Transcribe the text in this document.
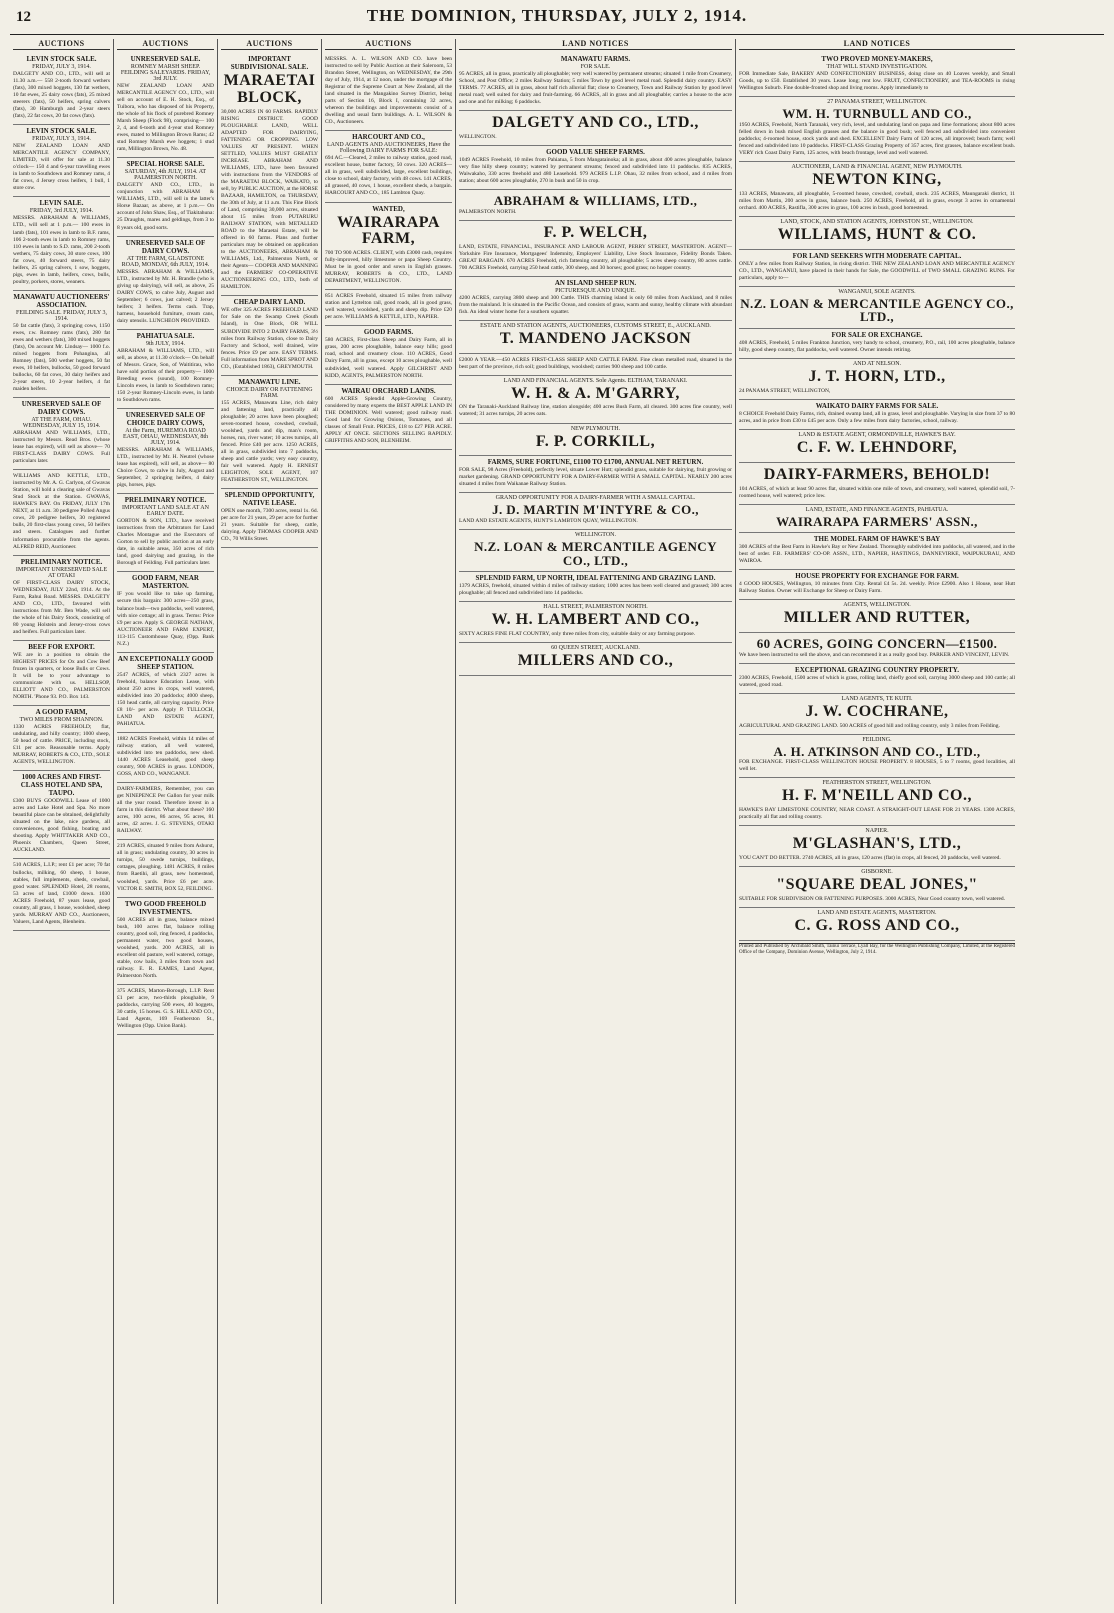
12	THE DOMINION, THURSDAY, JULY 2, 1914.
AUCTIONS
LEVIN STOCK SALE.
FRIDAY, JULY 3, 1914.
DALGETY AND CO., LTD., will sell at 11.30 a.m.— 558 2-tooth forward wethers (fats), 300 mixed hoggets, 130 fat wethers, 10 fat ewes, 25 dairy cows (fats), 25 mixed steerers (fats), 50 heifers, spring calvers (fats), 30 Hamburgh and 2-year steers (fats), 22 fat cows, 20 fat cows (fats).
LEVIN STOCK SALE.
FRIDAY, JULY 3, 1914.
NEW ZEALAND LOAN AND MERCANTILE AGENCY COMPANY, LIMITED, will offer for sale at 11.30 o'clock— 150 4 and 6-year travelling ewes in lamb to Southdown and Romney rams, 4 fat cows, 4 Jersey cross heifers, 1 bull, 1 store cow.
LEVIN SALE.
FRIDAY, 3rd JULY, 1914.
MESSRS. ABRAHAM & WILLIAMS, LTD., will sell at 1 p.m.— 100 ewes in lamb (fats), 101 ewes in lamb to B.F. rams, 106 2-tooth ewes in lamb to Romney rams, 110 ewes in lamb to S.D. rams, 200 2-tooth wethers, 75 dairy cows, 30 store cows, 100 fat cows, 40 forward steers, 75 dairy heifers, 25 spring calvers, 1 sow, hoggets, pigs, ewes in lamb, heifers, cows, bulls, poultry, porkers, stores, weaners.
MANAWATU AUCTIONEERS' ASSOCIATION.
FEILDING SALE. FRIDAY, JULY 3, 1914.
50 fat cattle (fats), 3 springing cows, 1150 ewes, r.w. Romney rams (fats), 280 fat ewes and wethers (fats), 300 mixed hoggets (fats), On account Mr. Lindsay— 1000 f.o. mixed hoggets from Pohangina, all Romney (fats), 500 wether hoggets, 50 fat ewes, 10 heifers, bullocks, 50 good forward bullocks, 60 fat cows, 30 dairy heifers and 2-year steers, 10 2-year heifers, 4 fat maiden heifers.
UNRESERVED SALE OF DAIRY COWS.
AT THE FARM, OHAU. WEDNESDAY, JULY 15, 1914.
ABRAHAM AND WILLIAMS, LTD., instructed by Messrs. Read Bros. (whose lease has expired), will sell as above— 70 FIRST-CLASS DAIRY COWS. Full particulars later.
WILLIAMS AND KETTLE, LTD., instructed by Mr. A. G. Carlyon, of Gwavas Station, will hold a clearing sale of Gwavas Stud Stock at the Station. GWAVAS, HAWKE'S BAY. On FRIDAY, JULY 17th NEXT, at 11 a.m. 30 pedigree Polled Angus cows, 20 pedigree heifers, 30 registered bulls, 20 first-class young cows, 50 heifers and steers. Catalogues and further information procurable from the agents. ALFRED REID, Auctioneer.
PRELIMINARY NOTICE.
IMPORTANT UNRESERVED SALE AT OTAKI
OF FIRST-CLASS DAIRY STOCK, WEDNESDAY, JULY 22nd, 1914. At the Farm, Rahui Road. MESSRS. DALGETY AND CO., LTD., favoured with instructions from Mr. Ben Wade, will sell the whole of his Dairy Stock, consisting of 80 young Holstein and Jersey-cross cows and heifers. Full particulars later.
BEEF FOR EXPORT.
WE are in a position to obtain the HIGHEST PRICES for Ox and Cow Beef frozen in quarters, or loose Bulls or Cows. It will be to your advantage to communicate with us. HELLSOP, ELLIOTT AND CO., PALMERSTON NORTH. 'Phone 93. P.O. Box 143.
A GOOD FARM,
TWO MILES FROM SHANNON.
1330 ACRES FREEHOLD; flat, undulating, and hilly country; 1000 sheep, 50 head of cattle. PRICE, including stock, £11 per acre. Reasonable terms. Apply MURRAY, ROBERTS & CO., LTD., SOLE AGENTS, WELLINGTON.
1000 ACRES AND FIRST-CLASS HOTEL AND SPA, TAUPO.
£300 BUYS GOODWILL Lease of 1000 acres and Lake Hotel and Spa. No more beautiful place can be obtained, delightfully situated on the lake, nice gardens, all conveniences, good fishing, boating and shooting. Apply WHITTAKER AND CO., Phoenix Chambers, Queen Street, AUCKLAND.
510 ACRES, L.I.P.; rent £1 per acre; 70 fat bullocks, milking, 60 sheep, 1 house, stables, full implements, sheds, cowbail, good water. SPLENDID Hotel, 28 rooms, 53 acres of land, £1000 down. 1030 ACRES Freehold, 87 years lease, good country, all grass, 1 house, woolshed, sheep yards. MURRAY AND CO., Auctioneers, Valuers, Land Agents, Blenheim.
AUCTIONS
UNRESERVED SALE.
ROMNEY MARSH SHEEP. FEILDING SALEYARDS. FRIDAY, 3rd JULY.
NEW ZEALAND LOAN AND MERCANTILE AGENCY CO., LTD., will sell on account of E. H. Stock, Esq., of Tuibora, who has disposed of his Property, the whole of his flock of purebred Romney Marsh Sheep (Flock 98), comprising— 100 2, 4, and 6-tooth and 4-year stud Romney ewes, mated to Millington Brown Rams; 42 stud Romney Marsh ewe hoggets; 1 stud ram, Millington Brown, No. 48.
SPECIAL HORSE SALE.
SATURDAY, 4th JULY, 1914. AT PALMERSTON NORTH.
DALGETY AND CO., LTD., in conjunction with ABRAHAM & WILLIAMS, LTD., will sell in the latter's Horse Bazaar, as above, at 1 p.m.— On account of John Shaw, Esq., of Tiakitahuna: 25 Draughts, mares and geldings, from 3 to 8 years old, good sorts.
UNRESERVED SALE OF DAIRY COWS.
AT THE FARM, GLADSTONE ROAD, MONDAY, 6th JULY, 1914.
MESSRS. ABRAHAM & WILLIAMS, LTD., instructed by Mr. H. Brandle (who is giving up dairying), will sell, as above, 25 DAIRY COWS, to calve July, August and September; 6 cows, just calved; 2 Jersey heifers; 3 heifers. Terms cash. Trap, harness, household furniture, cream cans, dairy utensils. LUNCHEON PROVIDED.
PAHIATUA SALE.
9th JULY, 1914.
ABRAHAM & WILLIAMS, LTD., will sell, as above, at 11.30 o'clock— On behalf of Messrs. Grace, Son, of Waititirau, who have sold portion of their property— 1000 Breeding ewes (sound), 100 Romney-Lincoln ewes, in lamb to Southdown rams; 150 2-year Romney-Lincoln ewes, in lamb to Southdown rams.
UNRESERVED SALE OF CHOICE DAIRY COWS,
At the Farm, HUREMOA ROAD EAST, OHAU, WEDNESDAY, 8th JULY, 1914.
MESSRS. ABRAHAM & WILLIAMS, LTD., instructed by Mr. H. Neutrel (whose lease has expired), will sell, as above— 80 Choice Cows, to calve in July, August and September, 2 springing heifers, 4 dairy pigs, horses, pigs.
PRELIMINARY NOTICE.
IMPORTANT LAND SALE AT AN EARLY DATE.
GORTON & SON, LTD., have received instructions from the Arbitrators for Land Charles Montague and the Executors of Gorton to sell by public auction at an early date, in suitable areas, 350 acres of rich land, good dairying and grazing, in the Borough of Feilding. Full particulars later.
GOOD FARM, NEAR MASTERTON.
IF you would like to take up farming, secure this bargain: 300 acres—250 grass, balance bush—two paddocks, well watered, with nice cottage; all in grass. Terms: Price £9 per acre. Apply S. GEORGE NATHAN, AUCTIONEER AND FARM EXPERT, 113-115 Customhouse Quay, (Opp. Bank N.Z.)
AN EXCEPTIONALLY GOOD SHEEP STATION.
2547 ACRES, of which 2327 acres is freehold, balance Education Lease, with about 250 acres in crops, well watered, subdivided into 20 paddocks; 4000 sheep, 150 head cattle, all carrying capacity. Price £8 10/- per acre. Apply P. TULLOCH, LAND AND ESTATE AGENT, PAHIATUA.
1882 ACRES Freehold, within 14 miles of railway station, all well watered, subdivided into ten paddocks, new shed. 1440 ACRES Leasehold, good sheep country, 900 ACRES in grass. LONDON, GOSS, AND CO., WANGANUI.
DAIRY-FARMERS, Remember, you can get NINEPENCE Per Gallon for your milk all the year round. Therefore invest in a farm in this district. What about these? 160 acres, 100 acres, 86 acres, 95 acres, 81 acres, 42 acres. J. G. STEVENS, OTAKI RAILWAY.
219 ACRES, situated 9 miles from Ashurst, all in grass; undulating country, 30 acres in turnips, 50 swede turnips, buildings, cottages, ploughing. 1481 ACRES, 8 miles from Raetihi, all grass, new homestead, woolshed, yards. Price £6 per acre. VICTOR E. SMITH, BOX 52, FEILDING.
TWO GOOD FREEHOLD INVESTMENTS.
500 ACRES all in grass, balance mixed bush, 100 acres flat, balance rolling country, good soil, ring fenced, 4 paddocks, permanent water, two good houses, woolshed, yards. 200 ACRES, all in excellent old pasture, well watered, cottage, stable, cow bails, 3 miles from town and railway. E. R. EAMES, Land Agent, Palmerston North.
375 ACRES, Marton-Borough, L.I.P. Rent £1 per acre, two-thirds ploughable, 9 paddocks, carrying 500 ewes, 40 hoggets, 30 cattle, 15 horses. G. S. HILL AND CO., Land Agents, 169 Featherston St., Wellington (Opp. Union Bank).
AUCTIONS
IMPORTANT SUBDIVISIONAL SALE.
MARAETAI BLOCK,
30,000 ACRES IN 60 FARMS. RAPIDLY RISING DISTRICT. GOOD PLOUGHABLE LAND, WELL ADAPTED FOR DAIRYING, FATTENING OR CROPPING. LOW VALUES AT PRESENT. WHEN SETTLED, VALUES MUST GREATLY INCREASE. ABRAHAM AND WILLIAMS, LTD., have been favoured with instructions from the VENDORS of the MARAETAI BLOCK, WAIKATO, to sell, by PUBLIC AUCTION, at the HORSE BAZAAR, HAMILTON, on THURSDAY, the 30th of July, at 11 a.m. This Fine Block of Land, comprising 30,000 acres, situated about 15 miles from PUTARURU RAILWAY STATION, with METALLED ROAD to the Maraetai Estate, will be offered in 60 farms. Plans and further particulars may be obtained on application to the AUCTIONEERS, ABRAHAM & WILLIAMS, Ltd., Palmerston North, or their Agents— COOPER AND MANNING and the FARMERS' CO-OPERATIVE AUCTIONEERING CO., LTD., both of HAMILTON.
CHEAP DAIRY LAND.
WE offer 325 ACRES FREEHOLD LAND for Sale on the Swamp Creek (South Island), in One Block, OR WILL SUBDIVIDE INTO 2 DAIRY FARMS, 3½ miles from Railway Station, close to Dairy Factory and School, well drained, wire fences. Price £9 per acre. EASY TERMS. Full information from MARE SPROT AND CO., (Established 1863), GREYMOUTH.
MANAWATU LINE.
CHOICE DAIRY OR FATTENING FARM.
155 ACRES, Manawatu Line, rich dairy and fattening land, practically all ploughable; 20 acres have been ploughed; seven-roomed house, cowshed, cowbail, woolshed, yards and dip, man's room, horses, run, river water; 10 acres turnips, all fenced. Price £40 per acre. 1250 ACRES, all in grass, subdivided into 7 paddocks, sheep and cattle yards; very easy country, fair well watered. Apply H. ERNEST LEIGHTON, SOLE AGENT, 107 FEATHERSTON ST., WELLINGTON.
SPLENDID OPPORTUNITY, NATIVE LEASE.
OPEN one month, 7300 acres, rental 1s. 6d. per acre for 21 years, 29 per acre for further 21 years. Suitable for sheep, cattle, dairying. Apply THOMAS COOPER AND CO., 70 Willis Street.
AUCTIONS
MESSRS. A. L. WILSON AND CO. have been instructed to sell by Public Auction at their Saleroom, 53 Brandon Street, Wellington, on WEDNESDAY, the 29th day of July, 1914, at 12 noon, under the mortgage of the Registrar of the Supreme Court at New Zealand, all the land situated in the Mangakino Survey District, being parts of Section 16, Block I, containing 32 acres, whereon the buildings and improvements consist of a dwelling and usual farm buildings. A. L. WILSON & CO., Auctioneers.
HARCOURT AND CO.,
LAND AGENTS AND AUCTIONEERS, Have the Following DAIRY FARMS FOR SALE:
694 AC.—Cleared, 2 miles to railway station, good road, excellent house, butter factory, 50 cows. 320 ACRES—all in grass, well subdivided, large, excellent buildings, close to school, dairy factory, with 48 cows. 141 ACRES, all grassed, 40 cows, 1 house, excellent sheds, a bargain. HARCOURT AND CO., 185 Lambton Quay.
WANTED,
WAIRARAPA FARM,
700 TO 900 ACRES. CLIENT, with £3000 cash, requires fully-improved, hilly limestone or papa Sheep Country. Must be in good order and sown in English grasses. MURRAY, ROBERTS & CO., LTD., LAND DEPARTMENT, WELLINGTON.
851 ACRES Freehold, situated 15 miles from railway station and Lyttelton rail, good roads, all in good grass, well watered, woolshed, yards and sheep dip. Price £20 per acre. WILLIAMS & KETTLE, LTD., NAPIER.
GOOD FARMS.
580 ACRES, First-class Sheep and Dairy Farm, all in grass, 200 acres ploughable, balance easy hills; good road, school and creamery close. 110 ACRES, Good Dairy Farm, all in grass, except 10 acres ploughable, well subdivided, well watered. Apply GILCHRIST AND KIDD, AGENTS, PALMERSTON NORTH.
WAIRAU ORCHARD LANDS.
600 ACRES Splendid Apple-Growing Country, considered by many experts the BEST APPLE LAND IN THE DOMINION. Well watered; good railway road. Good land for Growing Onions, Tomatoes, and all classes of Small Fruit. PRICES, £18 to £27 PER ACRE. APPLY AT ONCE. SECTIONS SELLING RAPIDLY. GRIFFITHS AND SON, BLENHEIM.
LAND NOTICES
MANAWATU FARMS.
FOR SALE.
95 ACRES, all in grass, practically all ploughable; very well watered by permanent streams; situated 1 mile from Creamery, School, and Post Office; 2 miles Railway Station; 5 miles Town by good level metal road. Splendid dairy country. EASY TERMS. 77 ACRES, all in grass, about half rich alluvial flat; close to Creamery, Town and Railway Station by good level metal road; well suited for dairy and fruit-farming. 66 ACRES, all in grass and all ploughable; carries a house to the acre and one and for milking; 6 paddocks.
DALGETY AND CO., LTD.,
WELLINGTON.
GOOD VALUE SHEEP FARMS.
1049 ACRES Freehold, 10 miles from Pahiatua, 5 from Mangatainoka; all in grass, about 400 acres ploughable, balance very fine hilly sheep country; watered by permanent streams; fenced and subdivided into 11 paddocks. 835 ACRES, Waiwakaho, 330 acres freehold and 480 Leasehold. 979 ACRES L.I.P. Ohau, 32 miles from school, and 4 miles from station; about 600 acres ploughable, 270 in bush and 50 in crop.
ABRAHAM & WILLIAMS, LTD.,
PALMERSTON NORTH.
F. P. WELCH,
LAND, ESTATE, FINANCIAL, INSURANCE AND LABOUR AGENT, PERRY STREET, MASTERTON. AGENT—Yorkshire Fire Insurance, Mortgagees' Indemnity, Employers' Liability, Live Stock Insurance, Fidelity Bonds Taken. GREAT BARGAIN. 670 ACRES Freehold, rich fattening country, all ploughable; 5 acres sheep country, 80 acres cattle. 700 ACRES Freehold, carrying 250 head cattle, 300 sheep, and 30 horses; good grass; no hopper country.
AN ISLAND SHEEP RUN.
PICTURESQUE AND UNIQUE.
4200 ACRES, carrying 3800 sheep and 300 Cattle. THIS charming island is only 60 miles from Auckland, and 8 miles from the mainland. It is situated in the Pacific Ocean, and consists of grass, warm and sunny, healthy climate with abundant fish. An ideal winter home for a southern squatter.
ESTATE AND STATION AGENTS, AUCTIONEERS, CUSTOMS STREET, E., AUCKLAND.
T. MANDENO JACKSON
£2000 A YEAR.—450 ACRES FIRST-CLASS SHEEP AND CATTLE FARM. Fine clean metalled road, situated in the best part of the province, rich soil; good buildings, woolshed; carries 900 sheep and 100 cattle.
LAND AND FINANCIAL AGENTS. Sole Agents. ELTHAM, TARANAKI.
W. H. & A. M'GARRY,
ON the Taranaki-Auckland Railway line, station alongside; 400 acres Bush Farm, all cleared. 300 acres fine country, well watered; 31 acres turnips, 20 acres oats.
NEW PLYMOUTH.
F. P. CORKILL,
FARMS, SURE FORTUNE, £1100 TO £1700, ANNUAL NET RETURN.
FOR SALE, 98 Acres (Freehold), perfectly level, situate Lower Hutt; splendid grass, suitable for dairying, fruit growing or market gardening. GRAND OPPORTUNITY FOR A DAIRY-FARMER WITH A SMALL CAPITAL. NEARLY 200 acres situated 4 miles from Waikanae Railway Station.
GRAND OPPORTUNITY FOR A DAIRY-FARMER WITH A SMALL CAPITAL.
J. D. MARTIN M'INTYRE & CO.,
LAND AND ESTATE AGENTS, HUNT'S LAMBTON QUAY, WELLINGTON.
WELLINGTON.
N.Z. LOAN & MERCANTILE AGENCY CO., LTD.,
SPLENDID FARM, UP NORTH, IDEAL FATTENING AND GRAZING LAND.
1379 ACRES, freehold, situated within 4 miles of railway station; 1000 acres has been well cleared and grassed; 300 acres ploughable; all fenced and subdivided into 14 paddocks.
HALL STREET, PALMERSTON NORTH.
W. H. LAMBERT AND CO.,
SIXTY ACRES FINE FLAT COUNTRY, only three miles from city, suitable dairy or any farming purpose.
60 QUEEN STREET, AUCKLAND.
MILLERS AND CO.,
LAND NOTICES
TWO PROVED MONEY-MAKERS,
THAT WILL STAND INVESTIGATION.
FOR Immediate Sale, BAKERY AND CONFECTIONERY BUSINESS, doing close on 40 Loaves weekly, and Small Goods, up to £50. Established 30 years. Lease long; rent low. FRUIT, CONFECTIONERY, and TEA-ROOMS in rising Wellington Suburb. Fine double-fronted shop and living rooms. Apply immediately to
27 PANAMA STREET, WELLINGTON.
WM. H. TURNBULL AND CO.,
1950 ACRES, Freehold, North Taranaki, very rich, level, and undulating land on papa and lime formations; about 800 acres felled down in bush mixed English grasses and the balance in good bush; well fenced and subdivided into convenient paddocks; 4-roomed house, stock yards and shed. EXCELLENT Dairy Farm of 120 acres, all improved; beach farm; well fenced and subdivided into 10 paddocks. FIRST-CLASS Grazing Property of 357 acres, first grasses, balance excellent bush. VERY rich Coast Dairy Farm, 125 acres, with beach frontage, level and well watered.
AUCTIONEER, LAND & FINANCIAL AGENT, NEW PLYMOUTH.
NEWTON KING,
133 ACRES, Manawatu, all ploughable, 5-roomed house, cowshed, cowbail, stock. 235 ACRES, Maungaraki district, 11 miles from Martin, 200 acres in grass, balance bush. 250 ACRES, Freehold, all in grass, except 3 acres in ornamental orchard. 400 ACRES, Rastifla, 300 acres in grass, 100 acres in bush, good homestead.
LAND, STOCK, AND STATION AGENTS, JOHNSTON ST., WELLINGTON.
WILLIAMS, HUNT & CO.
FOR LAND SEEKERS WITH MODERATE CAPITAL.
ONLY a few miles from Railway Station, in rising district. THE NEW ZEALAND LOAN AND MERCANTILE AGENCY CO., LTD., WANGANUI, have placed in their hands for Sale, the GOODWILL of TWO SMALL GRAZING RUNS. For particulars, apply to—
WANGANUI, SOLE AGENTS.
N.Z. LOAN & MERCANTILE AGENCY CO., LTD.,
FOR SALE OR EXCHANGE.
408 ACRES, Freehold, 5 miles Frankton Junction, very handy to school, creamery, P.O., rail, 100 acres ploughable, balance hilly, good sheep country, flat paddocks, well watered. Owner intends retiring.
AND AT NELSON.
J. T. HORN, LTD.,
24 PANAMA STREET, WELLINGTON,
WAIKATO DAIRY FARMS FOR SALE.
8 CHOICE Freehold Dairy Farms, rich, drained swamp land, all in grass, level and ploughable. Varying in size from 37 to 80 acres, and in price from £30 to £45 per acre. Only a few miles from dairy factories, school, railway.
LAND & ESTATE AGENT, ORMONDVILLE, HAWKE'S BAY.
C. F. W. LEHNDORF,
DAIRY-FARMERS, BEHOLD!
104 ACRES, of which at least 90 acres flat, situated within one mile of town, and creamery, well watered, splendid soil, 7-roomed house, well watered; price low.
LAND, ESTATE, AND FINANCE AGENTS, PAHIATUA.
WAIRARAPA FARMERS' ASSN.,
THE MODEL FARM OF HAWKE'S BAY
300 ACRES of the Best Farm in Hawke's Bay or New Zealand. Thoroughly subdivided into paddocks, all watered, and in the best of order. F.B. FARMERS' CO-OP. ASSN., LTD., NAPIER, HASTINGS, DANNEVIRKE, WAIPUKURAU, AND WAIROA.
HOUSE PROPERTY FOR EXCHANGE FOR FARM.
4 GOOD HOUSES, Wellington, 10 minutes from City. Rental £4 5s. 2d. weekly. Price £2900. Also 1 House, near Hutt Railway Station. Owner will Exchange for Sheep or Dairy Farm.
AGENTS, WELLINGTON.
MILLER AND RUTTER,
60 ACRES, GOING CONCERN—£1500.
We have been instructed to sell the above, and can recommend it as a really good buy. PARKER AND VINCENT, LEVIN.
EXCEPTIONAL GRAZING COUNTRY PROPERTY.
2300 ACRES, Freehold, 1500 acres of which is grass, rolling land, chiefly good soil, carrying 3000 sheep and 100 cattle; all watered, good road.
LAND AGENTS, TE KUITI.
J. W. COCHRANE,
AGRICULTURAL AND GRAZING LAND. 500 ACRES of good hill and rolling country, only 3 miles from Feilding.
FEILDING.
A. H. ATKINSON AND CO., LTD.,
FOR EXCHANGE. FIRST-CLASS WELLINGTON HOUSE PROPERTY. 8 HOUSES, 5 to 7 rooms, good localities, all well let.
FEATHERSTON STREET, WELLINGTON.
H. F. M'NEILL AND CO.,
HAWKE'S BAY LIMESTONE COUNTRY, NEAR COAST. A STRAIGHT-OUT LEASE FOR 21 YEARS. 1300 ACRES, practically all flat and rolling country.
NAPIER.
M'GLASHAN'S, LTD.,
YOU CAN'T DO BETTER. 2740 ACRES, all in grass, 120 acres (flat) in crops, all fenced, 20 paddocks, well watered.
GISBORNE.
"SQUARE DEAL JONES,"
SUITABLE FOR SUBDIVISION OR FATTENING PURPOSES. 3000 ACRES, Near Good country town, well watered.
LAND AND ESTATE AGENTS, MASTERTON.
C. G. ROSS AND CO.,
Printed and Published by Archibald Smith, Tainui Terrace, Lyall Bay, for the Wellington Publishing Company, Limited, at the Registered Office of the Company, Dominion Avenue, Wellington, July 2, 1914.
